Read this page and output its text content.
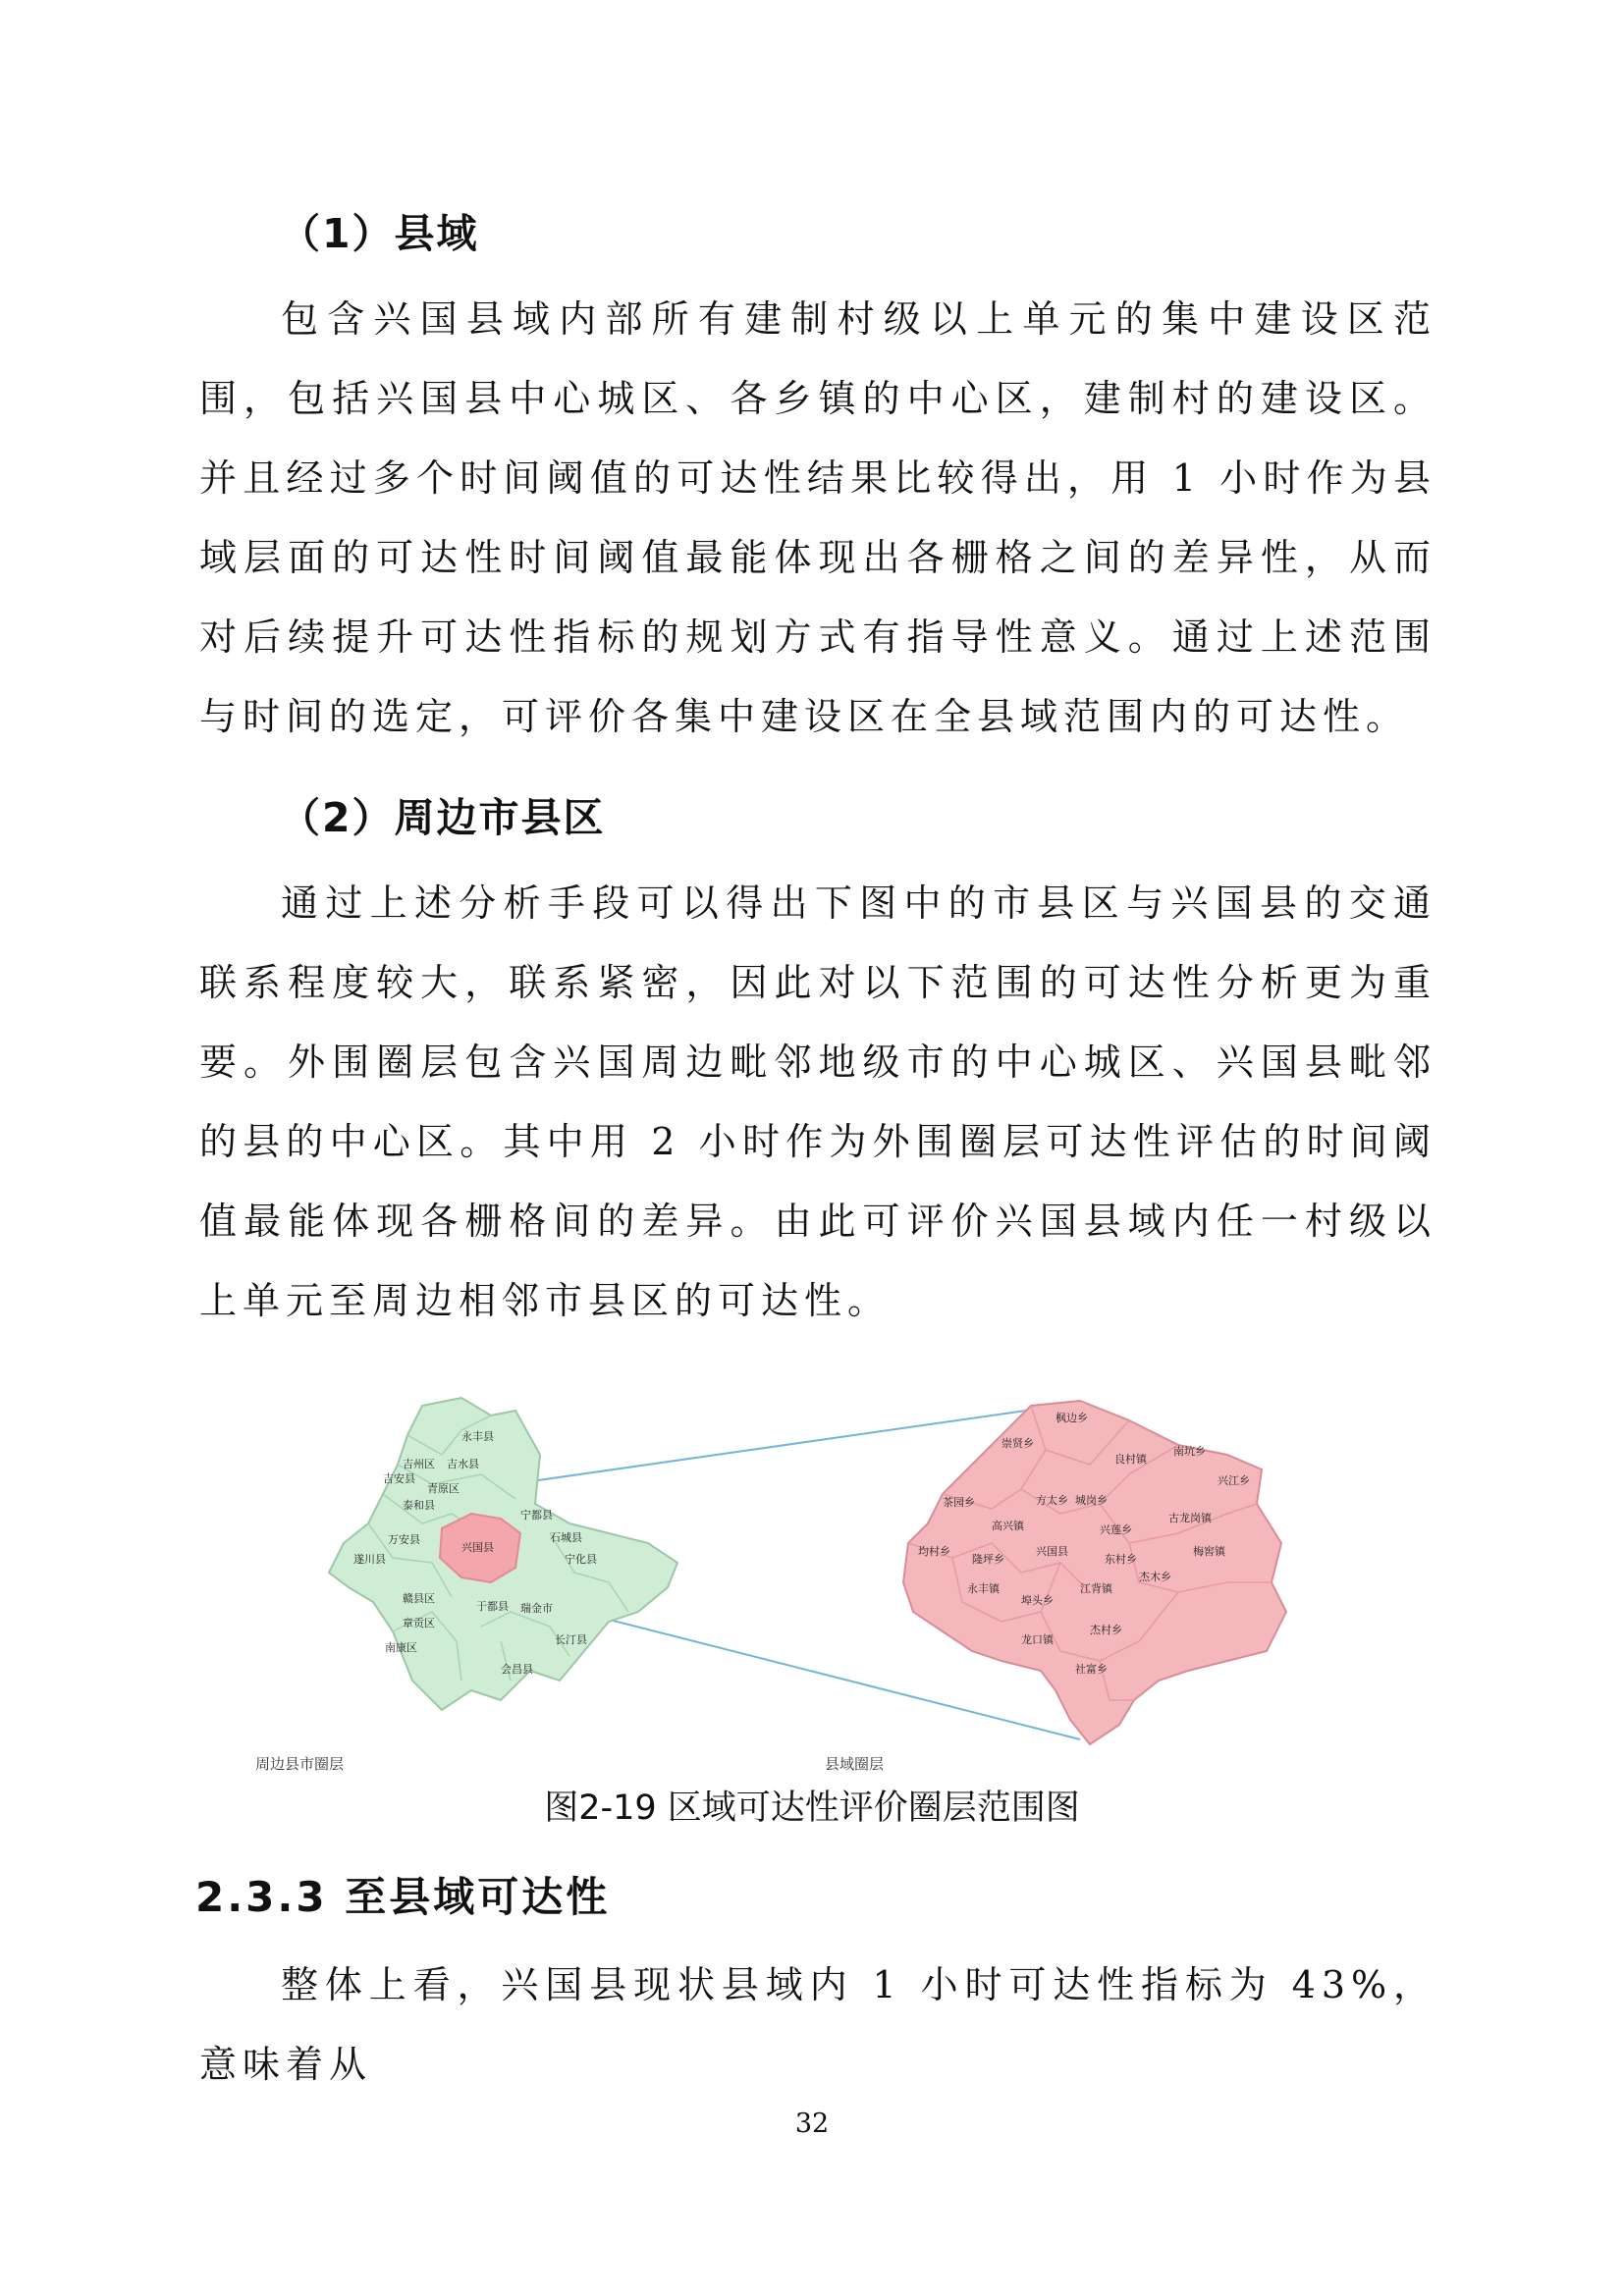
（1）县域

包含兴国县域内部所有建制村级以上单元的集中建设区范围，包括兴国县中心城区、各乡镇的中心区，建制村的建设区。并且经过多个时间阈值的可达性结果比较得出，用 1 小时作为县域层面的可达性时间阈值最能体现出各栅格之间的差异性，从而对后续提升可达性指标的规划方式有指导性意义。通过上述范围与时间的选定，可评价各集中建设区在全县域范围内的可达性。

（2）周边市县区

通过上述分析手段可以得出下图中的市县区与兴国县的交通联系程度较大，联系紧密，因此对以下范围的可达性分析更为重要。外围圈层包含兴国周边毗邻地级市的中心城区、兴国县毗邻的县的中心区。其中用 2 小时作为外围圈层可达性评估的时间阈值最能体现各栅格间的差异。由此可评价兴国县域内任一村级以上单元至周边相邻市县区的可达性。

永丰县
吉州区 吉水县
吉安县
青原区
泰和县
宁都县
石城县
宁化县
万安县
遂川县
兴国县
赣县区
章贡区
于都县 瑞金市
长汀县
南康区
会昌县
周边县市圈层
枫边乡
崇贤乡
良村镇
南坑乡
兴江乡
茶园乡	方太乡 城岗乡
高兴镇	兴莲乡
古龙岗镇
均村乡
隆坪乡
兴国县
东村乡
梅窖镇
永丰镇
杰木乡
埠头乡
江背镇
龙口镇
杰村乡
社富乡
县域圈层
图2-19 区域可达性评价圈层范围图
2.3.3 至县域可达性

整体上看，兴国县现状县域内 1 小时可达性指标为 43%，意味着从

32
